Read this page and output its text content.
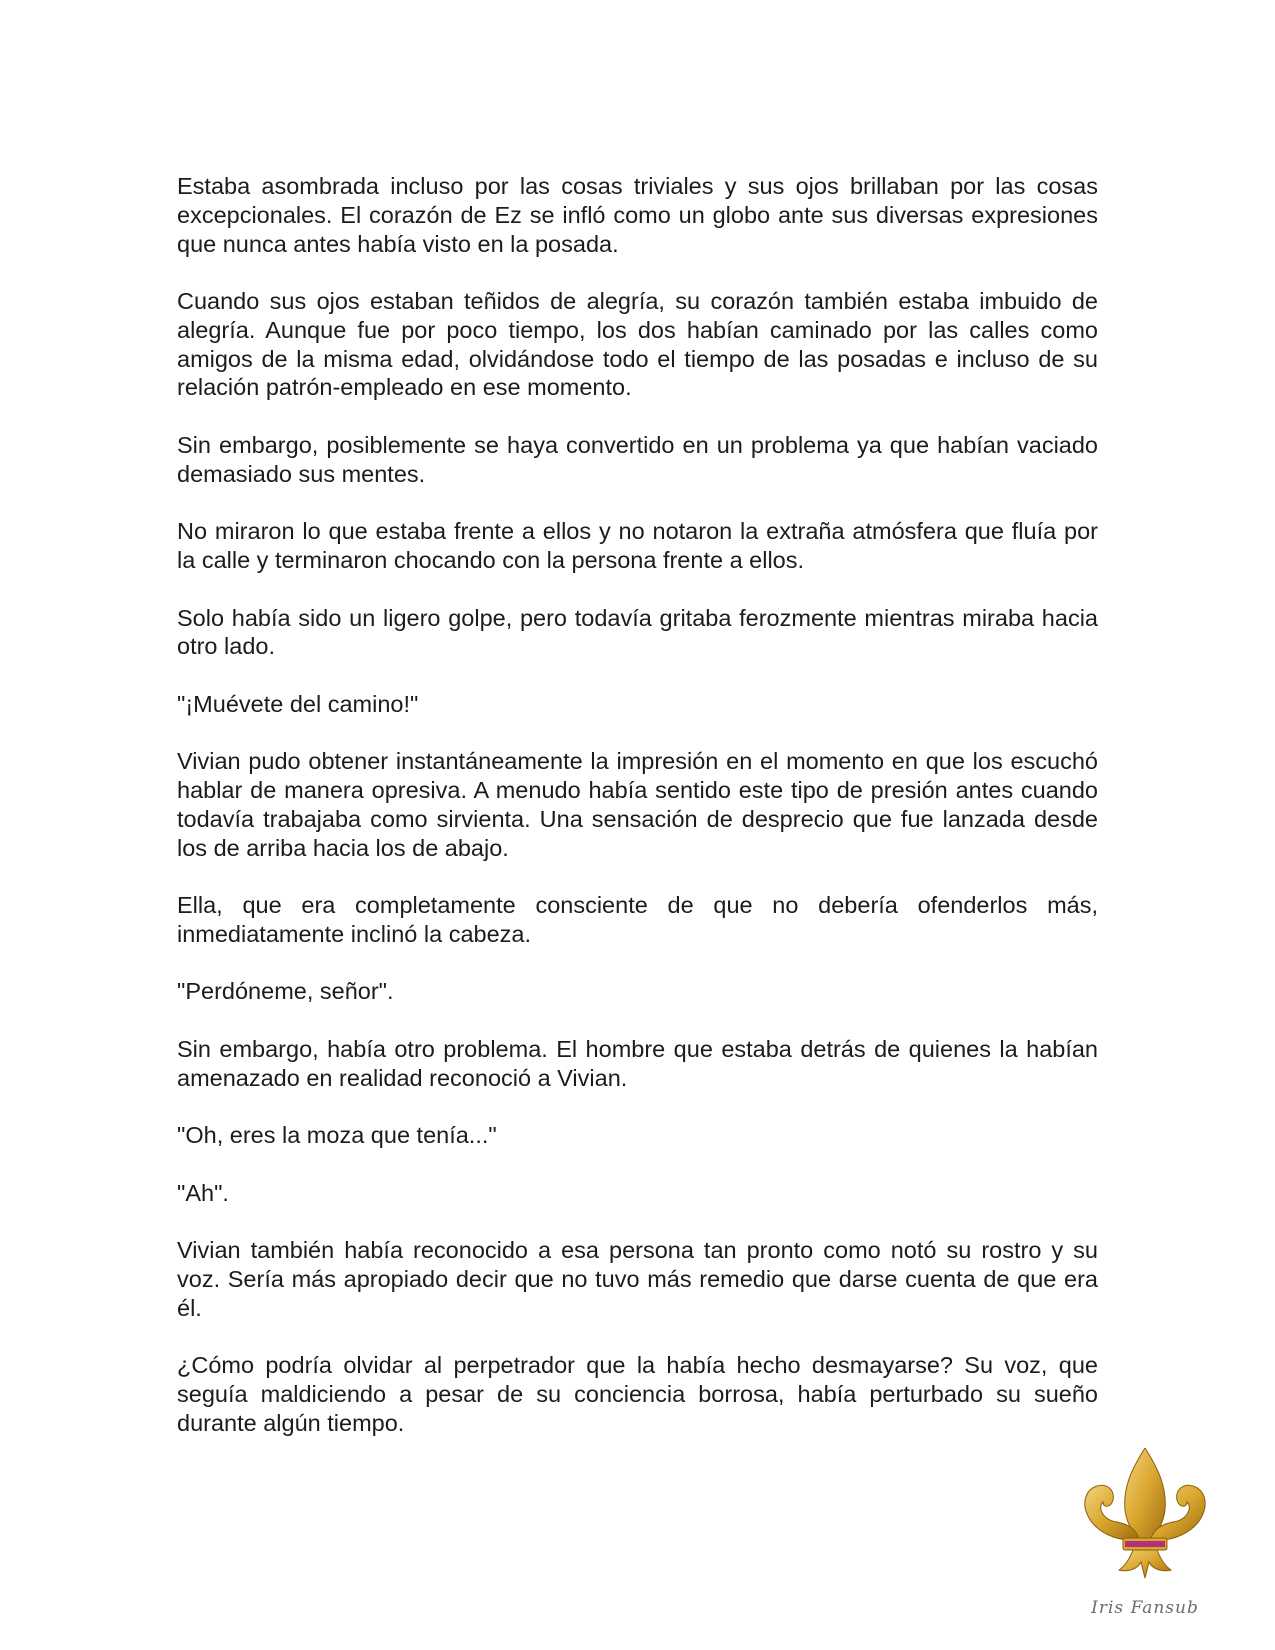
Estaba asombrada incluso por las cosas triviales y sus ojos brillaban por las cosas excepcionales. El corazón de Ez se infló como un globo ante sus diversas expresiones que nunca antes había visto en la posada.

Cuando sus ojos estaban teñidos de alegría, su corazón también estaba imbuido de alegría. Aunque fue por poco tiempo, los dos habían caminado por las calles como amigos de la misma edad, olvidándose todo el tiempo de las posadas e incluso de su relación patrón-empleado en ese momento.

Sin embargo, posiblemente se haya convertido en un problema ya que habían vaciado demasiado sus mentes.

No miraron lo que estaba frente a ellos y no notaron la extraña atmósfera que fluía por la calle y terminaron chocando con la persona frente a ellos.

Solo había sido un ligero golpe, pero todavía gritaba ferozmente mientras miraba hacia otro lado.

"¡Muévete del camino!"

Vivian pudo obtener instantáneamente la impresión en el momento en que los escuchó hablar de manera opresiva. A menudo había sentido este tipo de presión antes cuando todavía trabajaba como sirvienta. Una sensación de desprecio que fue lanzada desde los de arriba hacia los de abajo.

Ella, que era completamente consciente de que no debería ofenderlos más, inmediatamente inclinó la cabeza.

"Perdóneme, señor".

Sin embargo, había otro problema. El hombre que estaba detrás de quienes la habían amenazado en realidad reconoció a Vivian.

"Oh, eres la moza que tenía..."

"Ah".

Vivian también había reconocido a esa persona tan pronto como notó su rostro y su voz. Sería más apropiado decir que no tuvo más remedio que darse cuenta de que era él.

¿Cómo podría olvidar al perpetrador que la había hecho desmayarse? Su voz, que seguía maldiciendo a pesar de su conciencia borrosa, había perturbado su sueño durante algún tiempo.

Iris Fansub
